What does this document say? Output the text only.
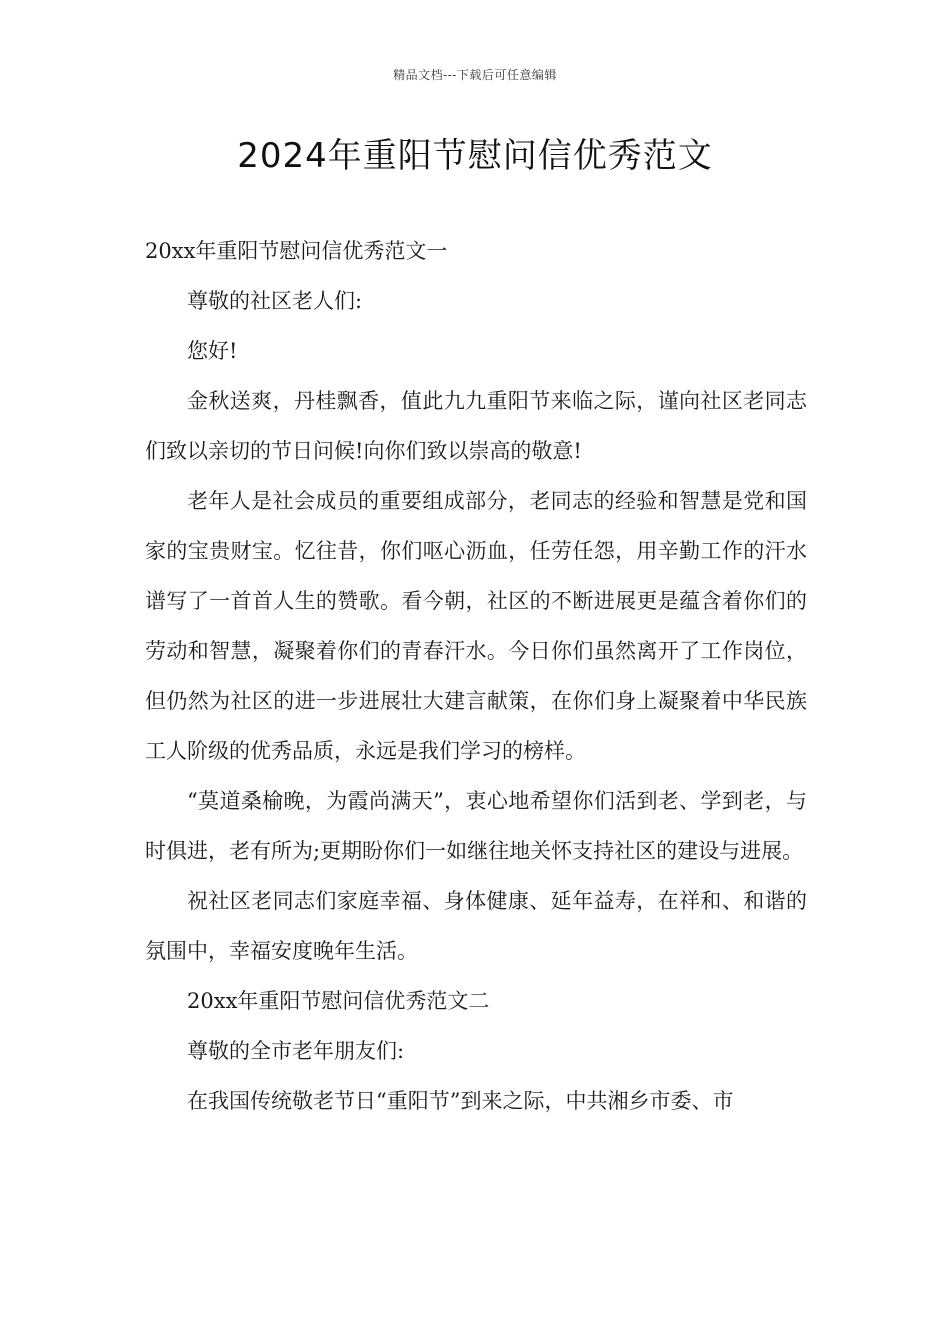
精品文档---下载后可任意编辑
2024年重阳节慰问信优秀范文

20xx年重阳节慰问信优秀范文一

尊敬的社区老人们:

您好!

金秋送爽，丹桂飘香，值此九九重阳节来临之际，谨向社区老同志们致以亲切的节日问候!向你们致以崇高的敬意!

老年人是社会成员的重要组成部分，老同志的经验和智慧是党和国家的宝贵财宝。忆往昔，你们呕心沥血，任劳任怨，用辛勤工作的汗水谱写了一首首人生的赞歌。看今朝，社区的不断进展更是蕴含着你们的劳动和智慧，凝聚着你们的青春汗水。今日你们虽然离开了工作岗位，但仍然为社区的进一步进展壮大建言献策，在你们身上凝聚着中华民族工人阶级的优秀品质，永远是我们学习的榜样。

“莫道桑榆晚，为霞尚满天”，衷心地希望你们活到老、学到老，与时俱进，老有所为;更期盼你们一如继往地关怀支持社区的建设与进展。

祝社区老同志们家庭幸福、身体健康、延年益寿，在祥和、和谐的氛围中，幸福安度晚年生活。

20xx年重阳节慰问信优秀范文二

尊敬的全市老年朋友们:

在我国传统敬老节日“重阳节”到来之际，中共湘乡市委、市
